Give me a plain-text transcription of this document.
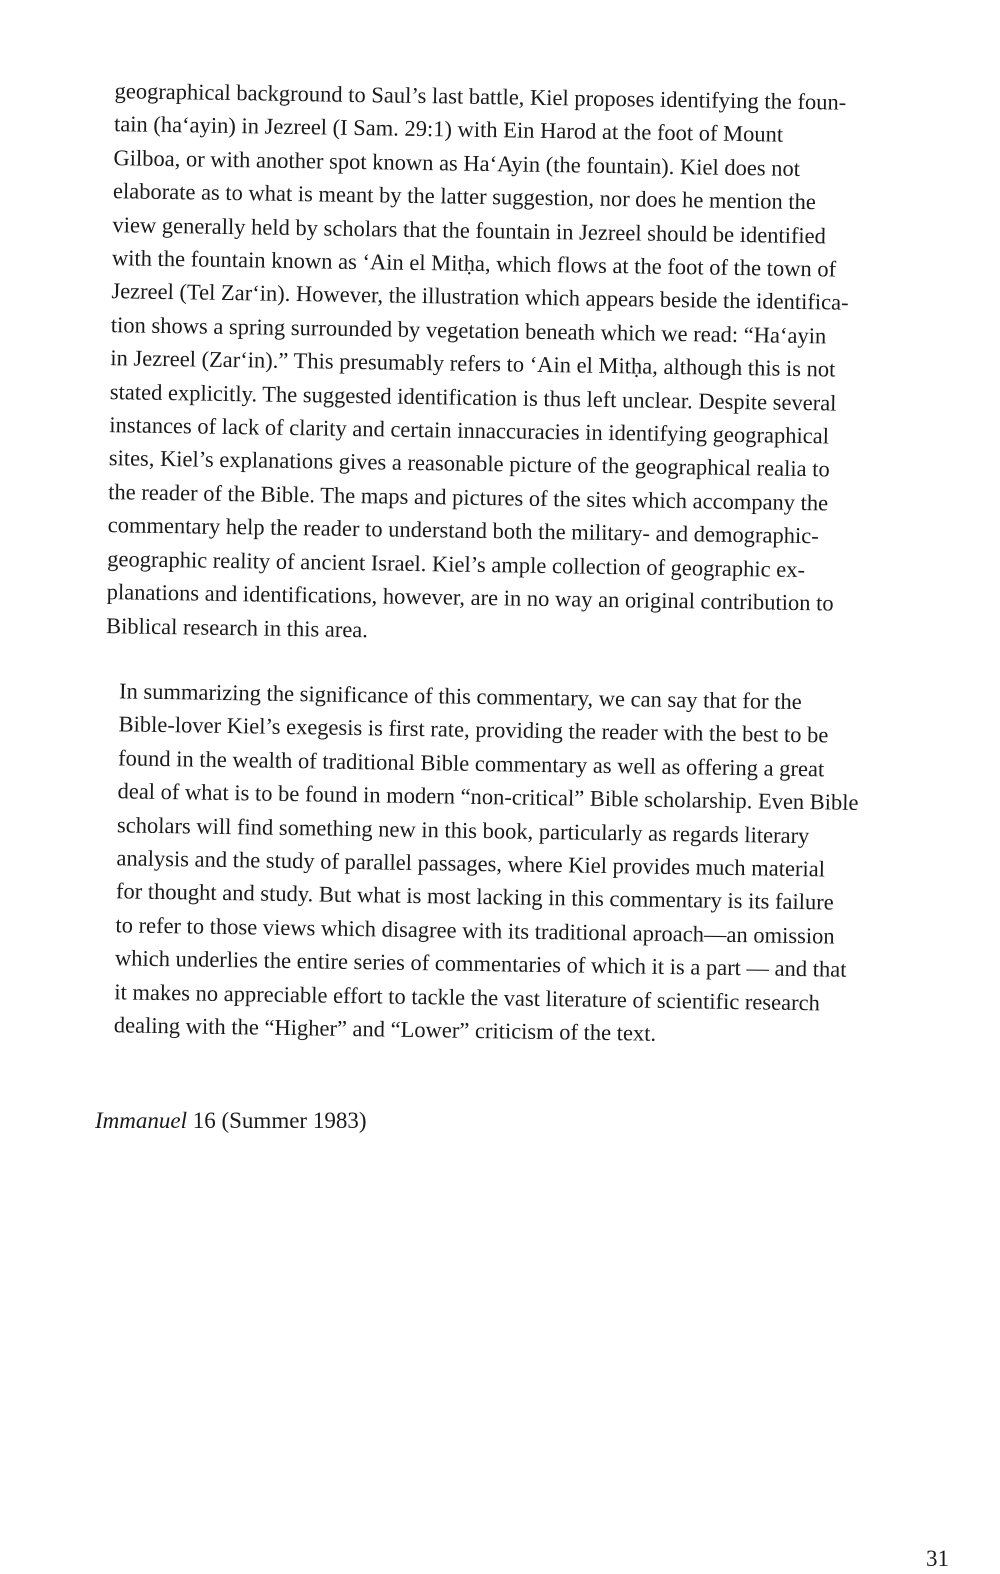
geographical background to Saul’s last battle, Kiel proposes identifying the foun-
tain (ha‘ayin) in Jezreel (I Sam. 29:1) with Ein Harod at the foot of Mount
Gilboa, or with another spot known as Ha‘Ayin (the fountain). Kiel does not
elaborate as to what is meant by the latter suggestion, nor does he mention the
view generally held by scholars that the fountain in Jezreel should be identified
with the fountain known as ‘Ain el Mitḥa, which flows at the foot of the town of
Jezreel (Tel Zar‘in). However, the illustration which appears beside the identifica-
tion shows a spring surrounded by vegetation beneath which we read: “Ha‘ayin
in Jezreel (Zar‘in).” This presumably refers to ‘Ain el Mitḥa, although this is not
stated explicitly. The suggested identification is thus left unclear. Despite several
instances of lack of clarity and certain innaccuracies in identifying geographical
sites, Kiel’s explanations gives a reasonable picture of the geographical realia to
the reader of the Bible. The maps and pictures of the sites which accompany the
commentary help the reader to understand both the military- and demographic-
geographic reality of ancient Israel. Kiel’s ample collection of geographic ex-
planations and identifications, however, are in no way an original contribution to
Biblical research in this area.

In summarizing the significance of this commentary, we can say that for the
Bible-lover Kiel’s exegesis is first rate, providing the reader with the best to be
found in the wealth of traditional Bible commentary as well as offering a great
deal of what is to be found in modern “non-critical” Bible scholarship. Even Bible
scholars will find something new in this book, particularly as regards literary
analysis and the study of parallel passages, where Kiel provides much material
for thought and study. But what is most lacking in this commentary is its failure
to refer to those views which disagree with its traditional aproach—an omission
which underlies the entire series of commentaries of which it is a part — and that
it makes no appreciable effort to tackle the vast literature of scientific research
dealing with the “Higher” and “Lower” criticism of the text.

Immanuel 16 (Summer 1983)

31
